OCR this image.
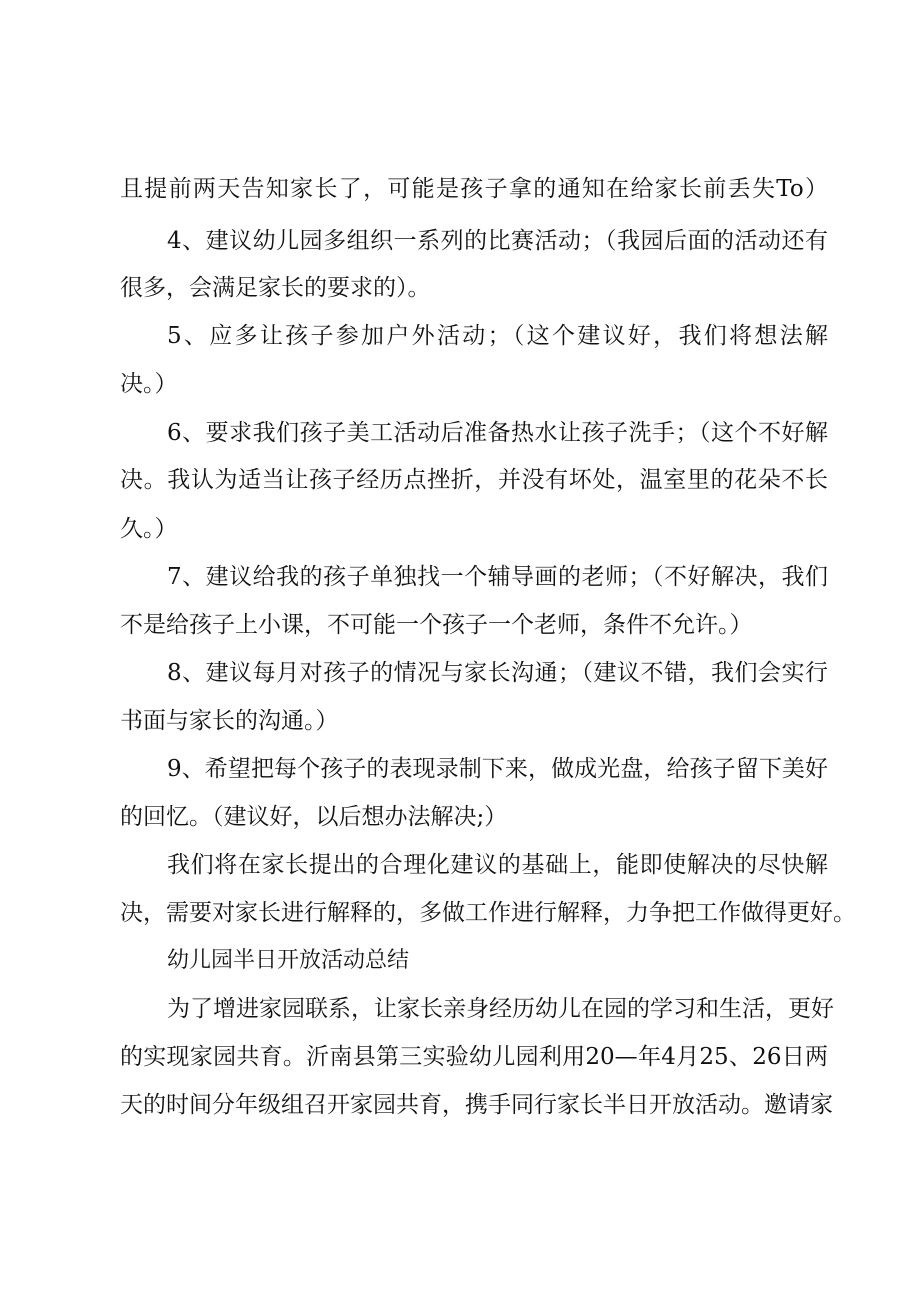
且提前两天告知家长了，可能是孩子拿的通知在给家长前丢失To）
4、建议幼儿园多组织一系列的比赛活动；（我园后面的活动还有
很多，会满足家长的要求的）。
5、应多让孩子参加户外活动；（这个建议好，我们将想法解
决。）
6、要求我们孩子美工活动后准备热水让孩子洗手；（这个不好解
决。我认为适当让孩子经历点挫折，并没有坏处，温室里的花朵不长
久。）
7、建议给我的孩子单独找一个辅导画的老师；（不好解决，我们
不是给孩子上小课，不可能一个孩子一个老师，条件不允许。）
8、建议每月对孩子的情况与家长沟通；（建议不错，我们会实行
书面与家长的沟通。）
9、希望把每个孩子的表现录制下来，做成光盘，给孩子留下美好
的回忆。（建议好，以后想办法解决;）
我们将在家长提出的合理化建议的基础上，能即使解决的尽快解
决，需要对家长进行解释的，多做工作进行解释，力争把工作做得更好。
幼儿园半日开放活动总结
为了增进家园联系，让家长亲身经历幼儿在园的学习和生活，更好
的实现家园共育。沂南县第三实验幼儿园利用20—年4月25、26日两
天的时间分年级组召开家园共育，携手同行家长半日开放活动。邀请家
